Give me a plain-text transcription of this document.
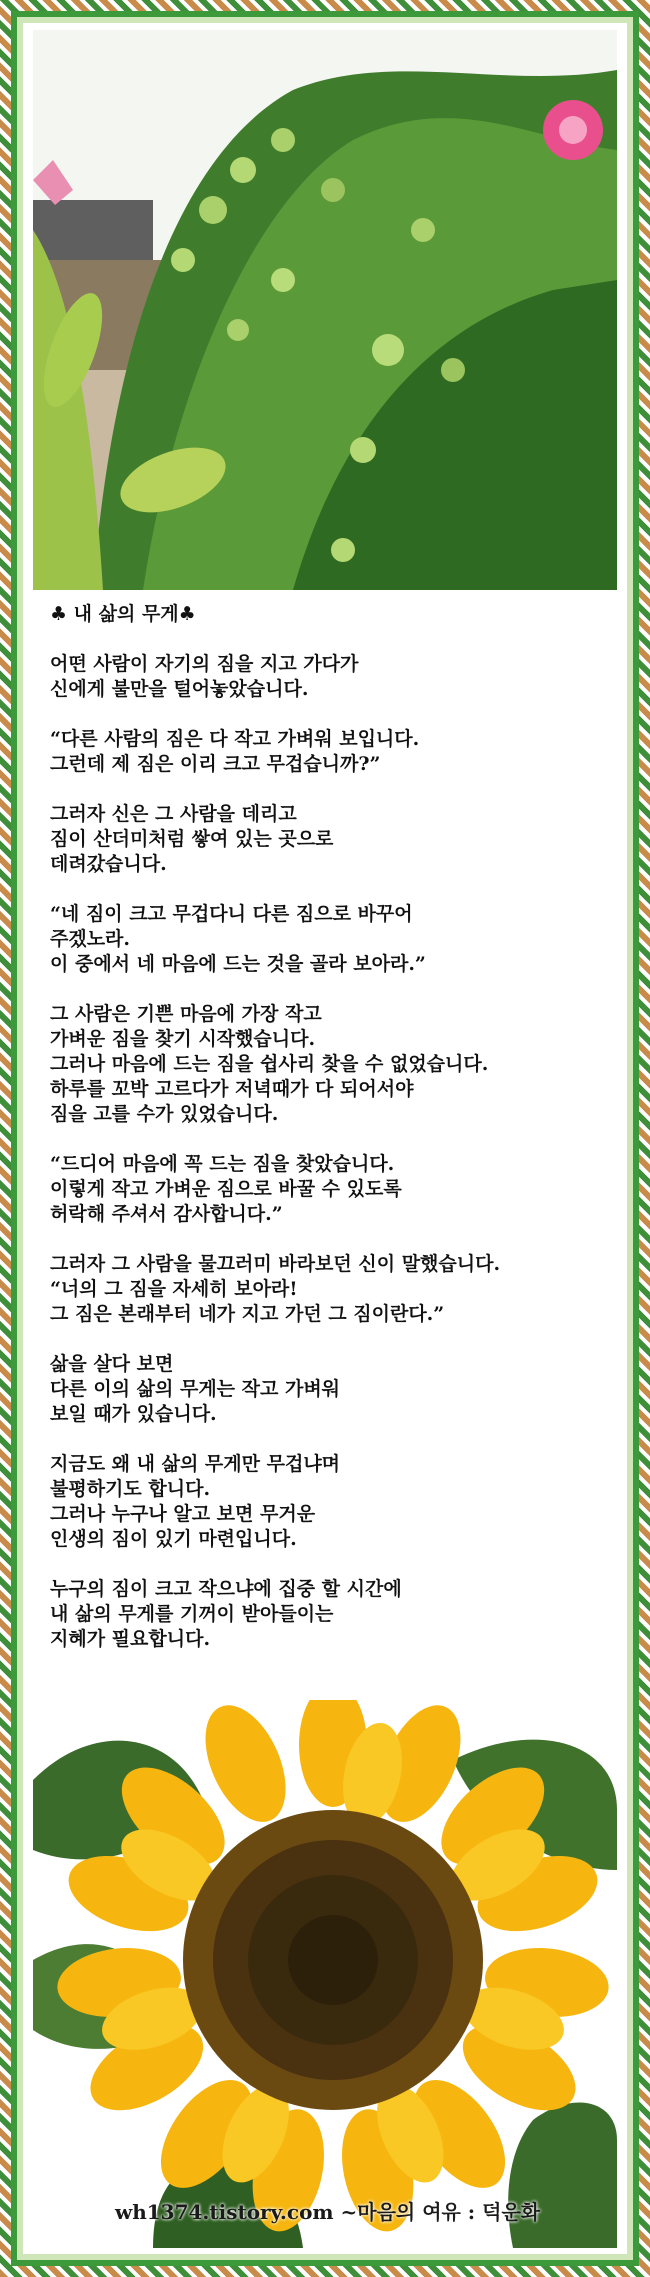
♣ 내 삶의 무게♣

어떤 사람이 자기의 짐을 지고 가다가
신에게 불만을 털어놓았습니다.

“다른 사람의 짐은 다 작고 가벼워 보입니다.
그런데 제 짐은 이리 크고 무겁습니까?”

그러자 신은 그 사람을 데리고
짐이 산더미처럼 쌓여 있는 곳으로
데려갔습니다.

“네 짐이 크고 무겁다니 다른 짐으로 바꾸어
주겠노라.
이 중에서 네 마음에 드는 것을 골라 보아라.”

그 사람은 기쁜 마음에 가장 작고
가벼운 짐을 찾기 시작했습니다.
그러나 마음에 드는 짐을 쉽사리 찾을 수 없었습니다.
하루를 꼬박 고르다가 저녁때가 다 되어서야
짐을 고를 수가 있었습니다.

“드디어 마음에 꼭 드는 짐을 찾았습니다.
이렇게 작고 가벼운 짐으로 바꿀 수 있도록
허락해 주셔서 감사합니다.”

그러자 그 사람을 물끄러미 바라보던 신이 말했습니다.
“너의 그 짐을 자세히 보아라!
그 짐은 본래부터 네가 지고 가던 그 짐이란다.”

삶을 살다 보면
다른 이의 삶의 무게는 작고 가벼워
보일 때가 있습니다.

지금도 왜 내 삶의 무게만 무겁냐며
불평하기도 합니다.
그러나 누구나 알고 보면 무거운
인생의 짐이 있기 마련입니다.

누구의 짐이 크고 작으냐에 집중 할 시간에
내 삶의 무게를 기꺼이 받아들이는
지혜가 필요합니다.

wh1374.tistory.com ~마음의 여유 : 덕운화
